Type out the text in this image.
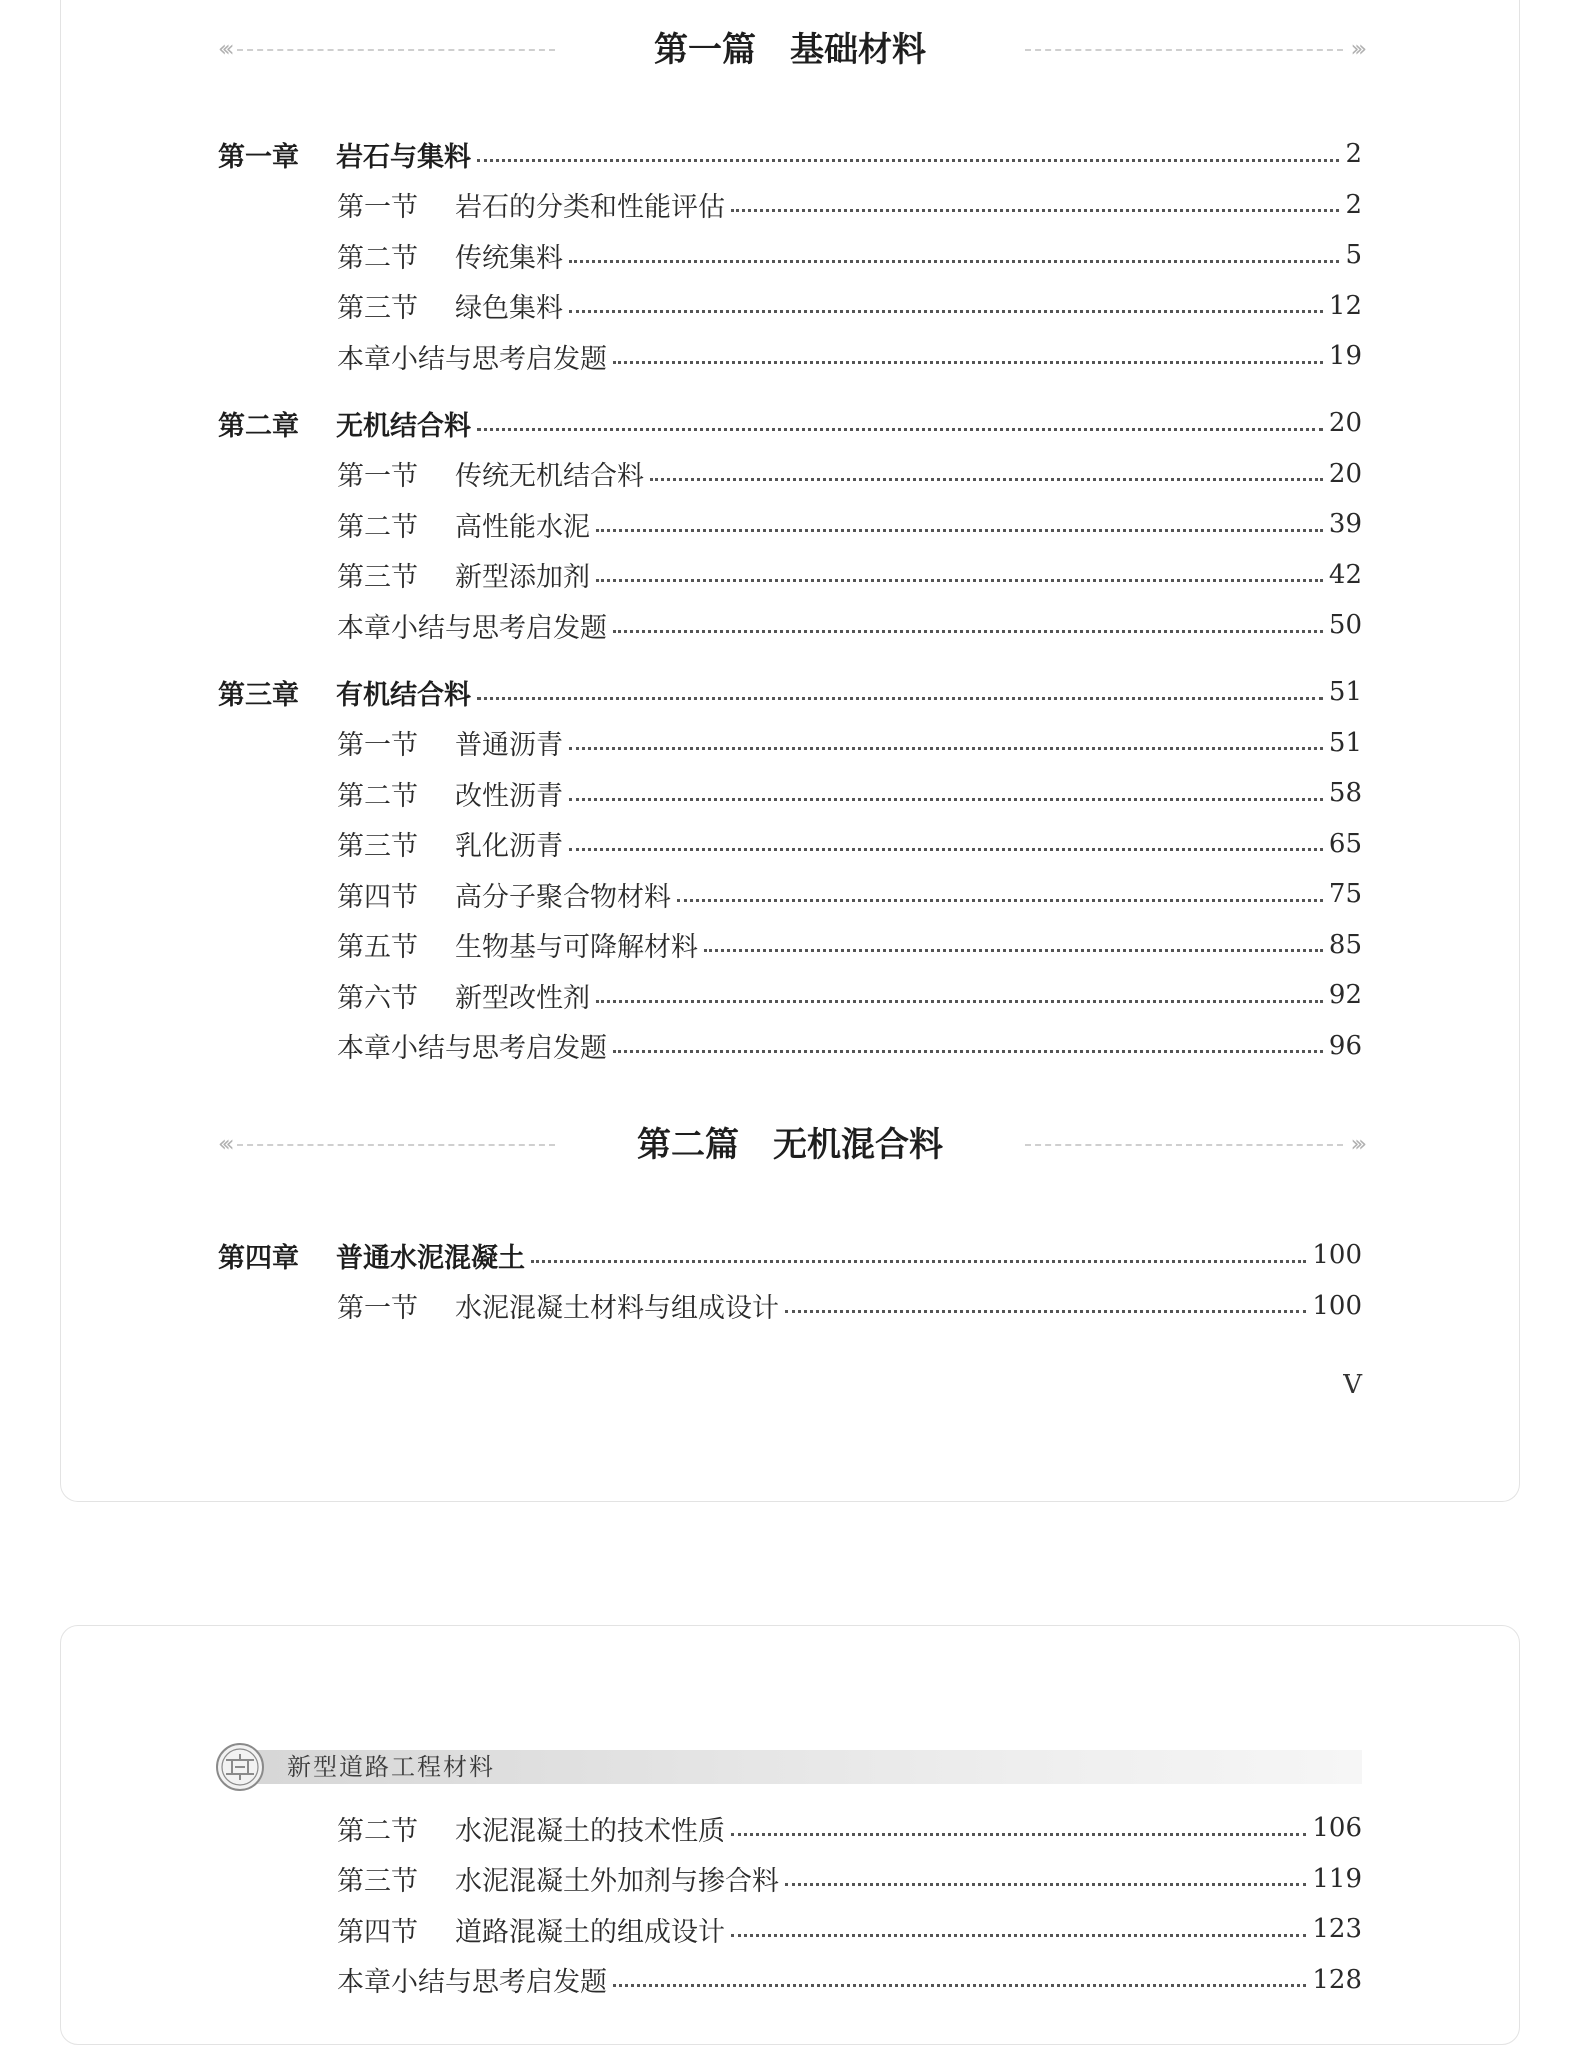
‹‹‹	第一篇　基础材料	›››
第一章	岩石与集料	2
第一节	岩石的分类和性能评估	2
第二节	传统集料	5
第三节	绿色集料	12
本章小结与思考启发题	19
第二章	无机结合料	20
第一节	传统无机结合料	20
第二节	高性能水泥	39
第三节	新型添加剂	42
本章小结与思考启发题	50
第三章	有机结合料	51
第一节	普通沥青	51
第二节	改性沥青	58
第三节	乳化沥青	65
第四节	高分子聚合物材料	75
第五节	生物基与可降解材料	85
第六节	新型改性剂	92
本章小结与思考启发题	96
‹‹‹	第二篇　无机混合料	›››
第四章	普通水泥混凝土	100
第一节	水泥混凝土材料与组成设计	100
V
新型道路工程材料
第二节	水泥混凝土的技术性质	106
第三节	水泥混凝土外加剂与掺合料	119
第四节	道路混凝土的组成设计	123
本章小结与思考启发题	128
